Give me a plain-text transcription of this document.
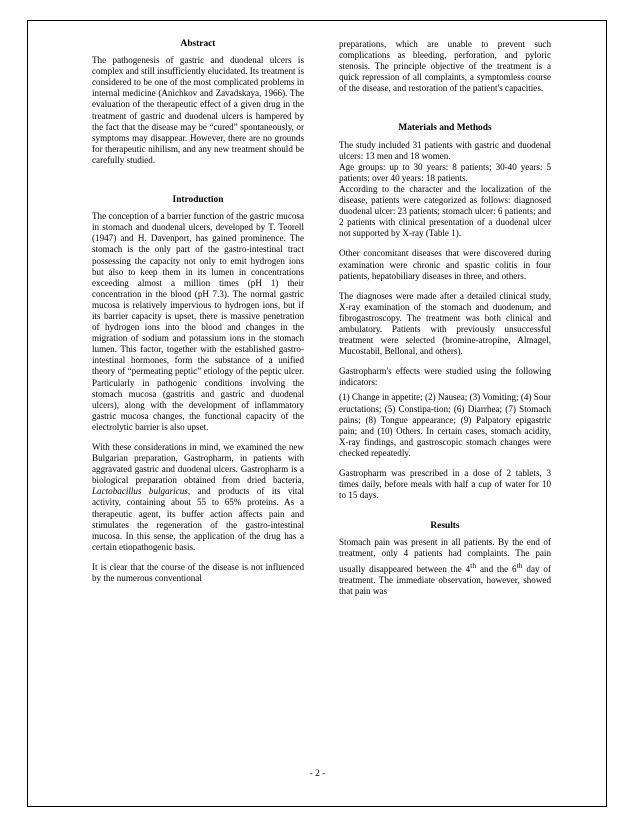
Abstract

The pathogenesis of gastric and duodenal ulcers is complex and still insufficiently elucidated. Its treatment is considered to be one of the most complicated problems in internal medicine (Anichkov and Zavadskaya, 1966). The evaluation of the therapeutic effect of a given drug in the treatment of gastric and duodenal ulcers is hampered by the fact that the disease may be “cured” spontaneously, or symptoms may disappear. However, there are no grounds for therapeutic nihilism, and any new treatment should be carefully studied.

Introduction

The conception of a barrier function of the gastric mucosa in stomach and duodenal ulcers, developed by T. Teorell (1947) and H. Davenport, has gained prominence. The stomach is the only part of the gastro-intestinal tract possessing the capacity not only to emit hydrogen ions but also to keep them in its lumen in concentrations exceeding almost a million times (pH 1) their concentration in the blood (pH 7.3). The normal gastric mucosa is relatively impervious to hydrogen ions, but if its barrier capacity is upset, there is massive penetration of hydrogen ions into the blood and changes in the migration of sodium and potassium ions in the stomach lumen. This factor, together with the established gastro-intestinal hormones, form the substance of a unified theory of “permeating peptic” etiology of the peptic ulcer. Particularly in pathogenic conditions involving the stomach mucosa (gastritis and gastric and duodenal ulcers), along with the development of inflammatory gastric mucosa changes, the functional capacity of the electrolytic barrier is also upset.

With these considerations in mind, we examined the new Bulgarian preparation, Gastropharm, in patients with aggravated gastric and duodenal ulcers. Gastropharm is a biological preparation obtained from dried bacteria, Lactobacillus bulgaricus, and products of its vital activity, containing about 55 to 65% proteins. As a therapeutic agent, its buffer action affects pain and stimulates the regeneration of the gastro-intestinal mucosa. In this sense, the application of the drug has a certain etiopathogenic basis.

It is clear that the course of the disease is not influenced by the numerous conventional

preparations, which are unable to prevent such complications as bleeding, perforation, and pyloric stenosis. The principle objective of the treatment is a quick repression of all complaints, a symptomless course of the disease, and restoration of the patient's capacities.

Materials and Methods

The study included 31 patients with gastric and duodenal ulcers: 13 men and 18 women.

Age groups: up to 30 years: 8 patients; 30-40 years: 5 patients; over 40 years: 18 patients.

According to the character and the localization of the disease, patients were categorized as follows: diagnosed duodenal ulcer: 23 patients; stomach ulcer: 6 patients; and 2 patients with clinical presentation of a duodenal ulcer not supported by X-ray (Table 1).

Other concomitant diseases that were discovered during examination were chronic and spastic colitis in four patients, hepatobiliary diseases in three, and others.

The diagnoses were made after a detailed clinical study, X-ray examination of the stomach and duodenum, and fibrogastroscopy. The treatment was both clinical and ambulatory. Patients with previously unsuccessful treatment were selected (bromine-atropine, Almagel, Mucostabil, Bellonal, and others).

Gastropharm's effects were studied using the following indicators:

(1) Change in appetite; (2) Nausea; (3) Vomiting; (4) Sour eructations; (5) Constipa-tion; (6) Diarrhea; (7) Stomach pains; (8) Tongue appearance; (9) Palpatory epigastric pain; and (10) Others. In certain cases, stomach acidity, X-ray findings, and gastroscopic stomach changes were checked repeatedly.

Gastropharm was prescribed in a dose of 2 tablets, 3 times daily, before meals with half a cup of water for 10 to 15 days.

Results

Stomach pain was present in all patients. By the end of treatment, only 4 patients had complaints. The pain usually disappeared between the 4th and the 6th day of treatment. The immediate observation, however, showed that pain was

- 2 -
